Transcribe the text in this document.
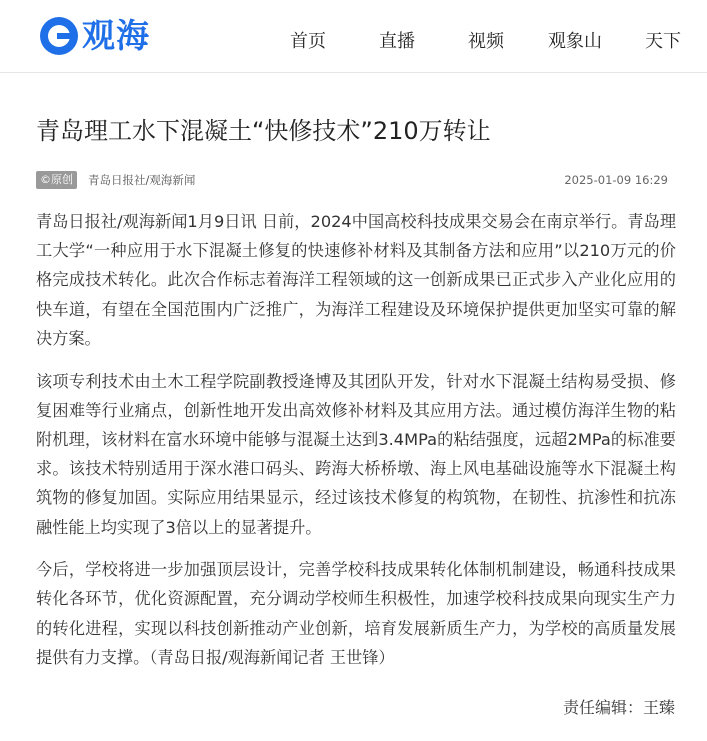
观海	首页	直播	视频 观象山 天下
青岛理工水下混凝土“快修技术”210万转让
©原创	青岛日报社/观海新闻	2025-01-09 16:29

青岛日报社/观海新闻1月9日讯 日前，2024中国高校科技成果交易会在南京举行。青岛理工大学“一种应用于水下混凝土修复的快速修补材料及其制备方法和应用”以210万元的价格完成技术转化。此次合作标志着海洋工程领域的这一创新成果已正式步入产业化应用的快车道，有望在全国范围内广泛推广，为海洋工程建设及环境保护提供更加坚实可靠的解决方案。

该项专利技术由土木工程学院副教授逄博及其团队开发，针对水下混凝土结构易受损、修复困难等行业痛点，创新性地开发出高效修补材料及其应用方法。通过模仿海洋生物的粘附机理，该材料在富水环境中能够与混凝土达到3.4MPa的粘结强度，远超2MPa的标准要求。该技术特别适用于深水港口码头、跨海大桥桥墩、海上风电基础设施等水下混凝土构筑物的修复加固。实际应用结果显示，经过该技术修复的构筑物，在韧性、抗渗性和抗冻融性能上均实现了3倍以上的显著提升。

今后，学校将进一步加强顶层设计，完善学校科技成果转化体制机制建设，畅通科技成果转化各环节，优化资源配置，充分调动学校师生积极性，加速学校科技成果向现实生产力的转化进程，实现以科技创新推动产业创新，培育发展新质生产力，为学校的高质量发展提供有力支撑。（青岛日报/观海新闻记者 王世锋）

责任编辑：王臻
